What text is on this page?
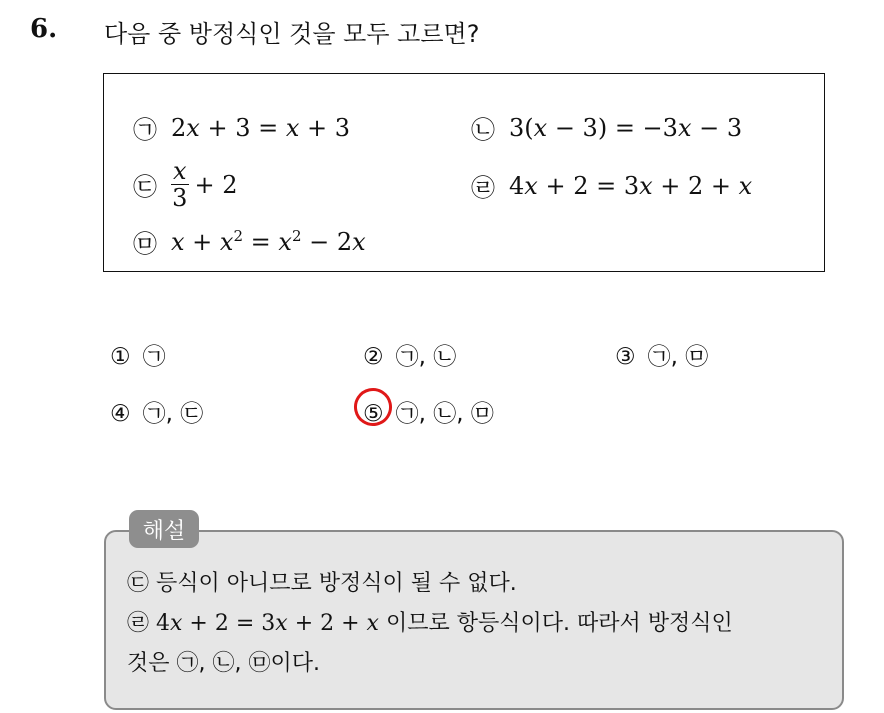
6. 다음 중 방정식인 것을 모두 고르면?
㉠ 2x + 3 = x + 3	㉡ 3(x − 3) = −3x − 3
㉢ $\frac{x}{3} + 2$	㉣ 4x + 2 = 3x + 2 + x
㉤ $x + x^2 = x^2 - 2x$
① ㉠	② ㉠, ㉡	③ ㉠, ㉤
④ ㉠, ㉢	⑤ ㉠, ㉡, ㉤
해설
㉢ 등식이 아니므로 방정식이 될 수 없다.
㉣ 4x + 2 = 3x + 2 + x 이므로 항등식이다. 따라서 방정식인
것은 ㉠, ㉡, ㉤이다.
